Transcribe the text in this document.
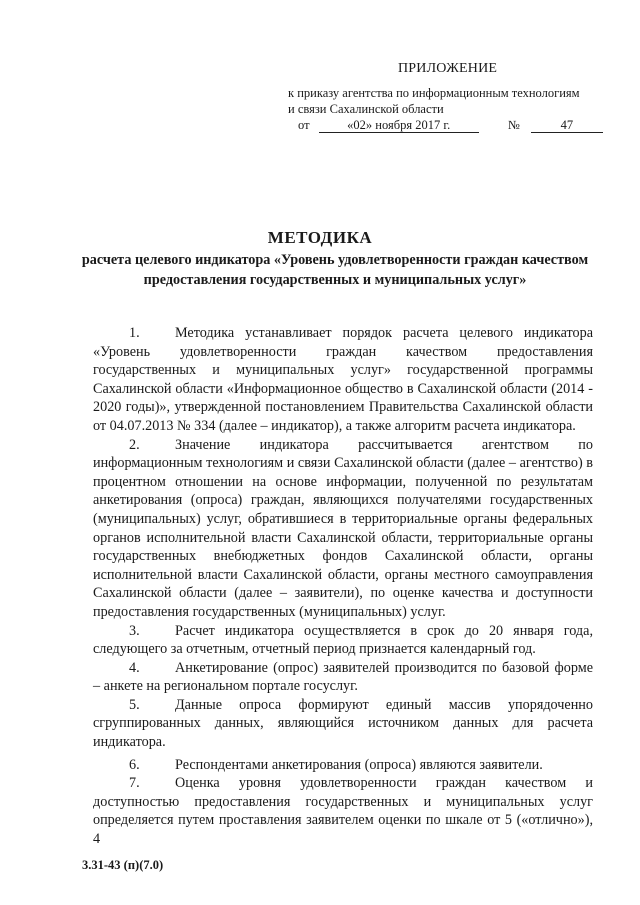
ПРИЛОЖЕНИЕ
к приказу агентства по информационным технологиям
и связи Сахалинской области
от	«02» ноября 2017 г.	№	47
МЕТОДИКА
расчета целевого индикатора «Уровень удовлетворенности граждан качеством предоставления государственных и муниципальных услуг»

1. Методика устанавливает порядок расчета целевого индикатора «Уровень удовлетворенности граждан качеством предоставления государственных и муниципальных услуг» государственной программы Сахалинской области «Информационное общество в Сахалинской области (2014 - 2020 годы)», утвержденной постановлением Правительства Сахалинской области от 04.07.2013 № 334 (далее – индикатор), а также алгоритм расчета индикатора.

2. Значение индикатора рассчитывается агентством по информационным технологиям и связи Сахалинской области (далее – агентство) в процентном отношении на основе информации, полученной по результатам анкетирования (опроса) граждан, являющихся получателями государственных (муниципальных) услуг, обратившиеся в территориальные органы федеральных органов исполнительной власти Сахалинской области, территориальные органы государственных внебюджетных фондов Сахалинской области, органы исполнительной власти Сахалинской области, органы местного самоуправления Сахалинской области (далее – заявители), по оценке качества и доступности предоставления государственных (муниципальных) услуг.

3. Расчет индикатора осуществляется в срок до 20 января года, следующего за отчетным, отчетный период признается календарный год.

4. Анкетирование (опрос) заявителей производится по базовой форме – анкете на региональном портале госуслуг.

5. Данные опроса формируют единый массив упорядоченно сгруппированных данных, являющийся источником данных для расчета индикатора.

6. Респондентами анкетирования (опроса) являются заявители.

7. Оценка уровня удовлетворенности граждан качеством и доступностью предоставления государственных и муниципальных услуг определяется путем проставления заявителем оценки по шкале от 5 («отлично»), 4

3.31-43 (п)(7.0)
